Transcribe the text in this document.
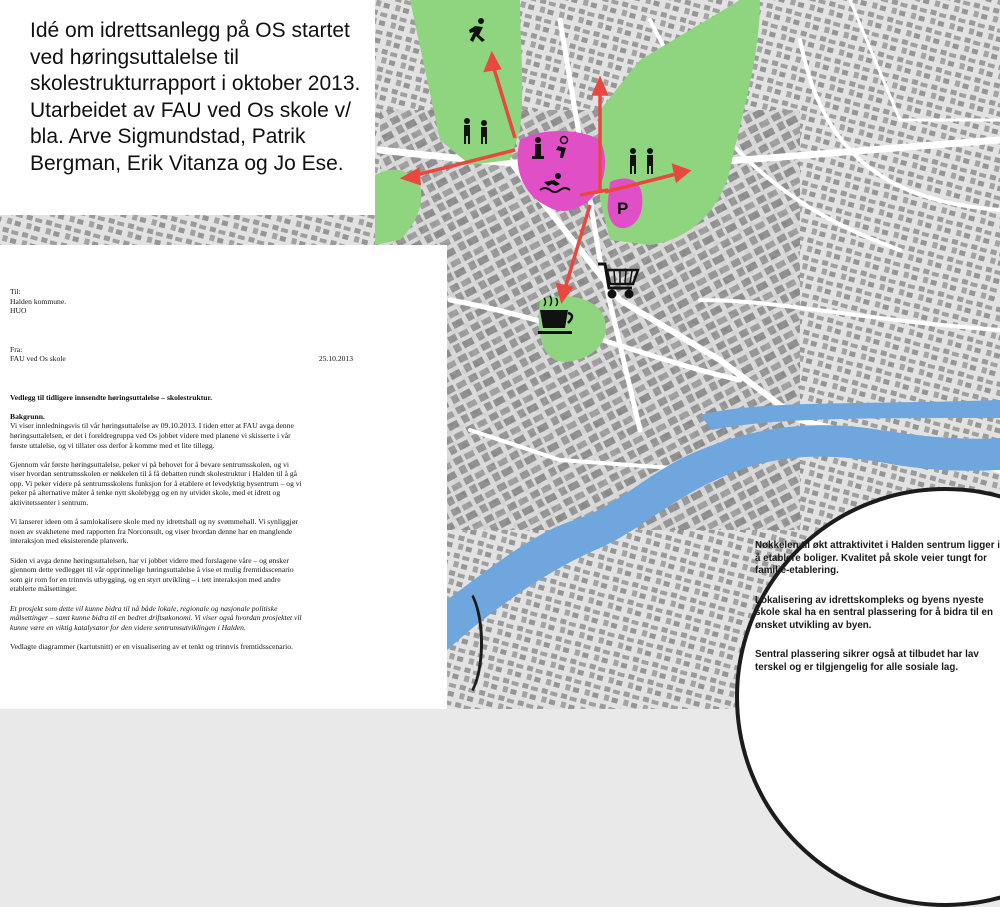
P

Idé om idrettsanlegg på OS startet ved høringsuttalelse til skolestrukturrapport i oktober 2013. Utarbeidet av FAU ved Os skole v/ bla. Arve Sigmundstad, Patrik Bergman, Erik Vitanza og Jo Ese.

Til:

Halden kommune.

HUO

Fra:

FAU ved Os skole	25.10.2013

Vedlegg til tidligere innsendte høringsuttalelse – skolestruktur.

Bakgrunn.

Vi viser innledningsvis til vår høringsuttalelse av 09.10.2013. I tiden etter at FAU avga denne

høringsuttalelsen, er det i foreldregruppa ved Os jobbet videre med planene vi skisserte i vår

første uttalelse, og vi tillater oss derfor å komme med et lite tillegg.

Gjennom vår første høringsuttalelse, peker vi på behovet for å bevare sentrumsskolen, og vi

viser hvordan sentrumsskolen er nøkkelen til å få debatten rundt skolestruktur i Halden til å gå

opp. Vi peker videre på sentrumsskolens funksjon for å etablere et levedyktig bysentrum – og vi

peker på alternative måter å tenke nytt skolebygg og en ny utvidet skole, med et idrett og

aktivitetssenter i sentrum.

Vi lanserer ideen om å samlokalisere skole med ny idrettshall og ny svømmehall. Vi synliggjør

noen av svakhetene med rapporten fra Norconsult, og viser hvordan denne har en manglende

interaksjon med eksisterende planverk.

Siden vi avga denne høringsuttalelsen, har vi jobbet videre med forslagene våre – og ønsker

gjennom dette vedlegget til vår opprinnelige høringsuttalelse å vise et mulig fremtidsscenario

som gir rom for en trinnvis utbygging, og en styrt utvikling – i tett interaksjon med andre

etablerte målsettinger.

Et prosjekt som dette vil kunne bidra til nå både lokale, regionale og nasjonale politiske

målsettinger – samt kunne bidra til en bedret driftsøkonomi. Vi viser også hvordan prosjektet vil

kunne være en viktig katalysator for den videre sentrumsutviklingen i Halden.

Vedlagte diagrammer (kartutsnitt) er en visualisering av et tenkt og trinnvis fremtidsscenario.

Nøkkelen til økt attraktivitet i Halden sentrum ligger i å etablere boliger. Kvalitet på skole veier tungt for familie-etablering.

Lokalisering av idrettskompleks og byens nyeste skole skal ha en sentral plassering for å bidra til en ønsket utvikling av byen.

Sentral plassering sikrer også at tilbudet har lav terskel og er tilgjengelig for alle sosiale lag.
